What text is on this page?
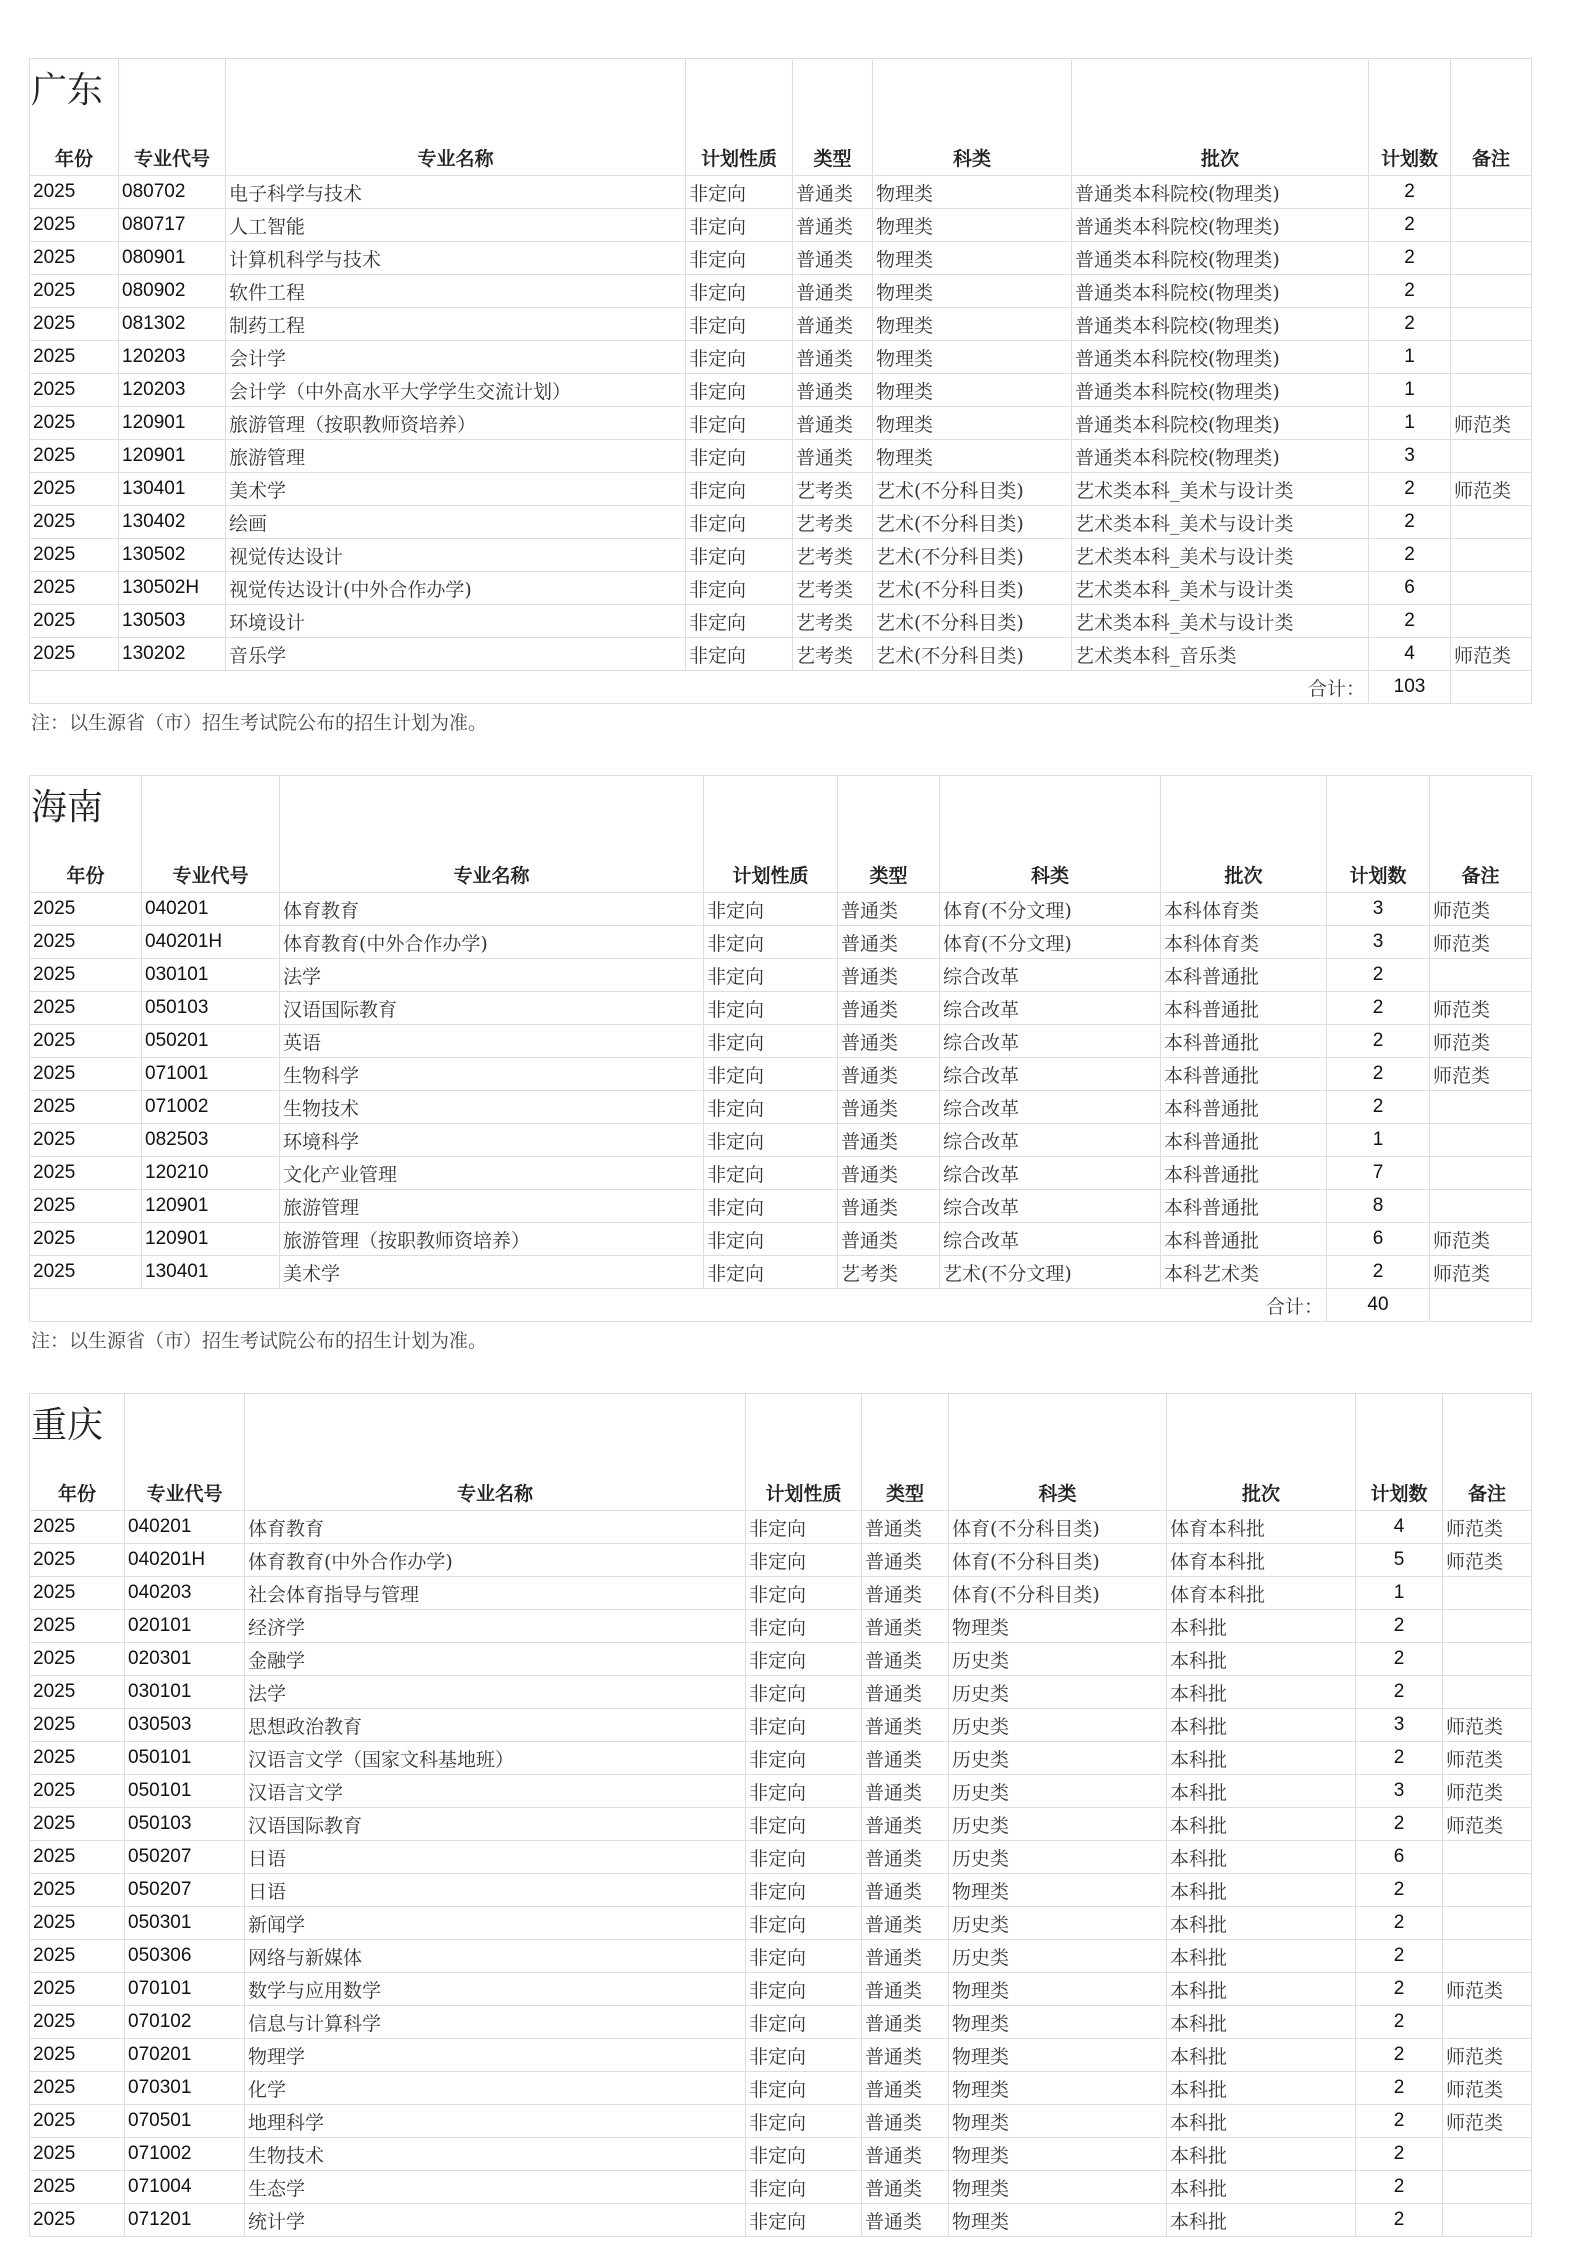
广东
年份	专业代号	专业名称	计划性质	类型	科类	批次	计划数	备注
2025	080702	电子科学与技术	非定向	普通类	物理类	普通类本科院校(物理类)	2	
2025	080717	人工智能	非定向	普通类	物理类	普通类本科院校(物理类)	2	
2025	080901	计算机科学与技术	非定向	普通类	物理类	普通类本科院校(物理类)	2	
2025	080902	软件工程	非定向	普通类	物理类	普通类本科院校(物理类)	2	
2025	081302	制药工程	非定向	普通类	物理类	普通类本科院校(物理类)	2	
2025	120203	会计学	非定向	普通类	物理类	普通类本科院校(物理类)	1	
2025	120203	会计学（中外高水平大学学生交流计划）	非定向	普通类	物理类	普通类本科院校(物理类)	1	
2025	120901	旅游管理（按职教师资培养）	非定向	普通类	物理类	普通类本科院校(物理类)	1	师范类
2025	120901	旅游管理	非定向	普通类	物理类	普通类本科院校(物理类)	3	
2025	130401	美术学	非定向	艺考类	艺术(不分科目类)	艺术类本科_美术与设计类	2	师范类
2025	130402	绘画	非定向	艺考类	艺术(不分科目类)	艺术类本科_美术与设计类	2	
2025	130502	视觉传达设计	非定向	艺考类	艺术(不分科目类)	艺术类本科_美术与设计类	2	
2025	130502H	视觉传达设计(中外合作办学)	非定向	艺考类	艺术(不分科目类)	艺术类本科_美术与设计类	6	
2025	130503	环境设计	非定向	艺考类	艺术(不分科目类)	艺术类本科_美术与设计类	2	
2025	130202	音乐学	非定向	艺考类	艺术(不分科目类)	艺术类本科_音乐类	4	师范类
合计：							103	
注：以生源省（市）招生考试院公布的招生计划为准。
海南
年份	专业代号	专业名称	计划性质	类型	科类	批次	计划数	备注
2025	040201	体育教育	非定向	普通类	体育(不分文理)	本科体育类	3	师范类
2025	040201H	体育教育(中外合作办学)	非定向	普通类	体育(不分文理)	本科体育类	3	师范类
2025	030101	法学	非定向	普通类	综合改革	本科普通批	2	
2025	050103	汉语国际教育	非定向	普通类	综合改革	本科普通批	2	师范类
2025	050201	英语	非定向	普通类	综合改革	本科普通批	2	师范类
2025	071001	生物科学	非定向	普通类	综合改革	本科普通批	2	师范类
2025	071002	生物技术	非定向	普通类	综合改革	本科普通批	2	
2025	082503	环境科学	非定向	普通类	综合改革	本科普通批	1	
2025	120210	文化产业管理	非定向	普通类	综合改革	本科普通批	7	
2025	120901	旅游管理	非定向	普通类	综合改革	本科普通批	8	
2025	120901	旅游管理（按职教师资培养）	非定向	普通类	综合改革	本科普通批	6	师范类
2025	130401	美术学	非定向	艺考类	艺术(不分文理)	本科艺术类	2	师范类
合计：							40	
注：以生源省（市）招生考试院公布的招生计划为准。
重庆
年份	专业代号	专业名称	计划性质	类型	科类	批次	计划数	备注
2025	040201	体育教育	非定向	普通类	体育(不分科目类)	体育本科批	4	师范类
2025	040201H	体育教育(中外合作办学)	非定向	普通类	体育(不分科目类)	体育本科批	5	师范类
2025	040203	社会体育指导与管理	非定向	普通类	体育(不分科目类)	体育本科批	1	
2025	020101	经济学	非定向	普通类	物理类	本科批	2	
2025	020301	金融学	非定向	普通类	历史类	本科批	2	
2025	030101	法学	非定向	普通类	历史类	本科批	2	
2025	030503	思想政治教育	非定向	普通类	历史类	本科批	3	师范类
2025	050101	汉语言文学（国家文科基地班）	非定向	普通类	历史类	本科批	2	师范类
2025	050101	汉语言文学	非定向	普通类	历史类	本科批	3	师范类
2025	050103	汉语国际教育	非定向	普通类	历史类	本科批	2	师范类
2025	050207	日语	非定向	普通类	历史类	本科批	6	
2025	050207	日语	非定向	普通类	物理类	本科批	2	
2025	050301	新闻学	非定向	普通类	历史类	本科批	2	
2025	050306	网络与新媒体	非定向	普通类	历史类	本科批	2	
2025	070101	数学与应用数学	非定向	普通类	物理类	本科批	2	师范类
2025	070102	信息与计算科学	非定向	普通类	物理类	本科批	2	
2025	070201	物理学	非定向	普通类	物理类	本科批	2	师范类
2025	070301	化学	非定向	普通类	物理类	本科批	2	师范类
2025	070501	地理科学	非定向	普通类	物理类	本科批	2	师范类
2025	071002	生物技术	非定向	普通类	物理类	本科批	2	
2025	071004	生态学	非定向	普通类	物理类	本科批	2	
2025	071201	统计学	非定向	普通类	物理类	本科批	2	
